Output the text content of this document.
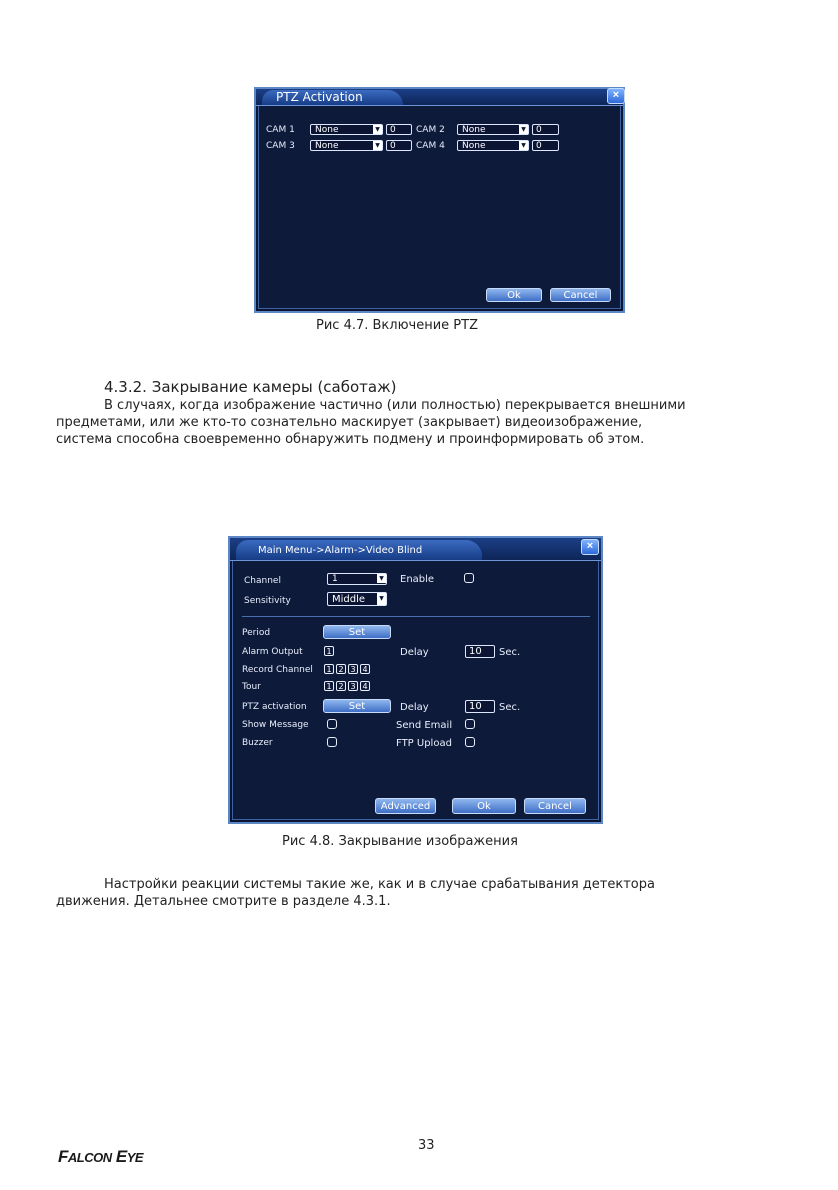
PTZ Activation	×
CAM 1	None	▼	0	CAM 2	None	▼	0
CAM 3	None	▼	0	CAM 4	None	▼	0
Ok	Cancel
Рис 4.7. Включение PTZ
4.3.2. Закрывание камеры (саботаж)
В случаях, когда изображение частично (или полностью) перекрывается внешними
предметами, или же кто-то сознательно маскирует (закрывает) видеоизображение,
система способна своевременно обнаружить подмену и проинформировать об этом.
Main Menu->Alarm->Video Blind	×
Channel	1	▼ Enable
Sensitivity	Middle	▼
Period	Set
Alarm Output	1	Delay	10	Sec.
Record Channel	1 2 3 4
Tour	1 2 3 4
PTZ activation	Set	Delay	10	Sec.
Show Message	Send Email
Buzzer	FTP Upload
Advanced	Ok	Cancel
Рис 4.8. Закрывание изображения
Настройки реакции системы такие же, как и в случае срабатывания детектора
движения. Детальнее смотрите в разделе 4.3.1.
33
FALCON EYE
